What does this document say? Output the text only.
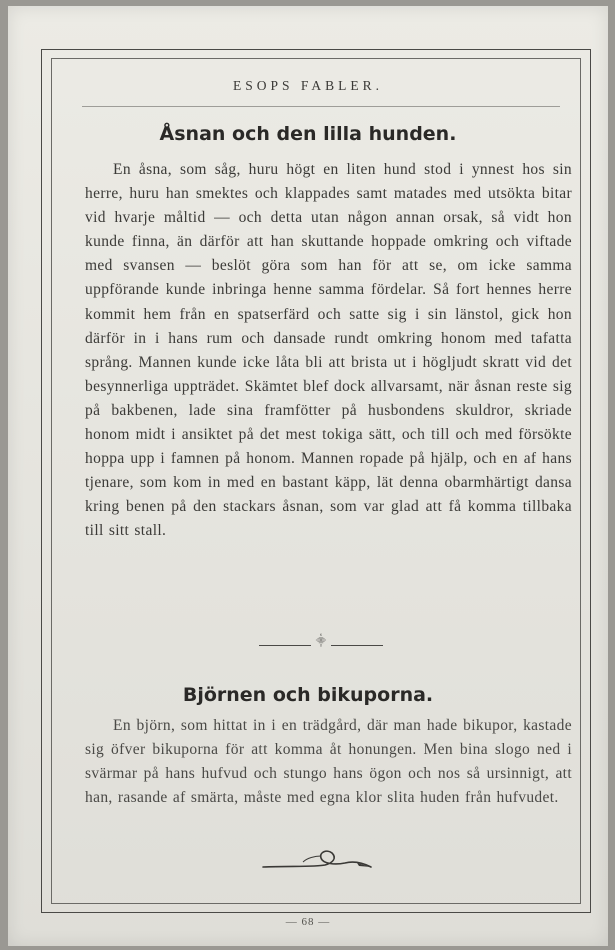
ESOPS FABLER.
Åsnan och den lilla hunden.

En åsna, som såg, huru högt en liten hund stod i ynnest hos sin herre, huru han smektes och klappades samt matades med utsökta bitar vid hvarje måltid — och detta utan någon annan orsak, så vidt hon kunde finna, än därför att han skuttande hoppade omkring och viftade med svansen — beslöt göra som han för att se, om icke samma uppförande kunde inbringa henne samma fördelar. Så fort hennes herre kommit hem från en spatserfärd och satte sig i sin länstol, gick hon därför in i hans rum och dansade rundt omkring honom med tafatta språng. Mannen kunde icke låta bli att brista ut i högljudt skratt vid det besynnerliga uppträdet. Skämtet blef dock allvarsamt, när åsnan reste sig på bakbenen, lade sina framfötter på husbondens skuldror, skriade honom midt i ansiktet på det mest tokiga sätt, och till och med försökte hoppa upp i famnen på honom. Mannen ropade på hjälp, och en af hans tjenare, som kom in med en bastant käpp, lät denna obarmhärtigt dansa kring benen på den stackars åsnan, som var glad att få komma tillbaka till sitt stall.

⸎
Björnen och bikuporna.

En björn, som hittat in i en trädgård, där man hade bikupor, kastade sig öfver bikuporna för att komma åt honungen. Men bina slogo ned i svärmar på hans hufvud och stungo hans ögon och nos så ursinnigt, att han, rasande af smärta, måste med egna klor slita huden från hufvudet.

— 68 —
